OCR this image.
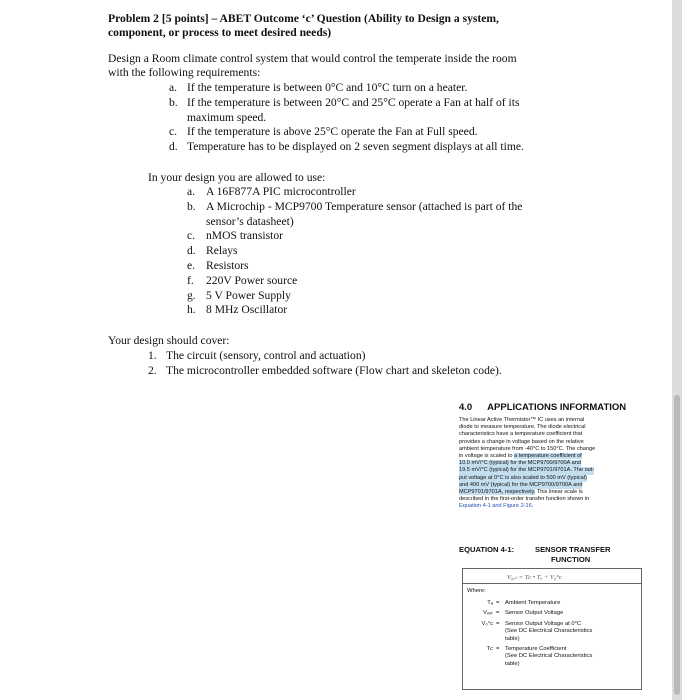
Problem 2 [5 points] – ABET Outcome ‘c’ Question (Ability to Design a system,
component, or process to meet desired needs)
Design a Room climate control system that would control the temperate inside the room
with the following requirements:
a. If the temperature is between 0°C and 10°C turn on a heater.
b. If the temperature is between 20°C and 25°C operate a Fan at half of its
maximum speed.
c. If the temperature is above 25°C operate the Fan at Full speed.
d. Temperature has to be displayed on 2 seven segment displays at all time.
In your design you are allowed to use:
a. A 16F877A PIC microcontroller
b. A Microchip - MCP9700 Temperature sensor (attached is part of the
sensor’s datasheet)
c. nMOS transistor
d. Relays
e. Resistors
f. 220V Power source
g. 5 V Power Supply
h. 8 MHz Oscillator
Your design should cover:
1. The circuit (sensory, control and actuation)
2. The microcontroller embedded software (Flow chart and skeleton code).
4.0 APPLICATIONS INFORMATION
The Linear Active Thermistor™ IC uses an internal
diode to measure temperature. The diode electrical
characteristics have a temperature coefficient that
provides a change in voltage based on the relative
ambient temperature from -40°C to 150°C. The change
in voltage is scaled to a temperature coefficient of
10.0 mV/°C (typical) for the MCP9700/9700A and
19.5 mV/°C (typical) for the MCP9701/9701A. The out-
put voltage at 0°C is also scaled to 500 mV (typical)
and 400 mV (typical) for the MCP9700/9700A and
MCP9701/9701A, respectively. This linear scale is
described in the first-order transfer function shown in
Equation 4-1 and Figure 2-16.
EQUATION 4-1:	SENSOR TRANSFER
FUNCTION
V₀ᵤₜ = Tᴄ • Tₐ + V₀°ᴄ
Where:
Tₐ = Ambient Temperature
Vₒᵤₜ = Sensor Output Voltage
V₀°ᴄ = Sensor Output Voltage at 0°C
(See DC Electrical Characteristics
table)
Tᴄ = Temperature Coefficient
(See DC Electrical Characteristics
table)
